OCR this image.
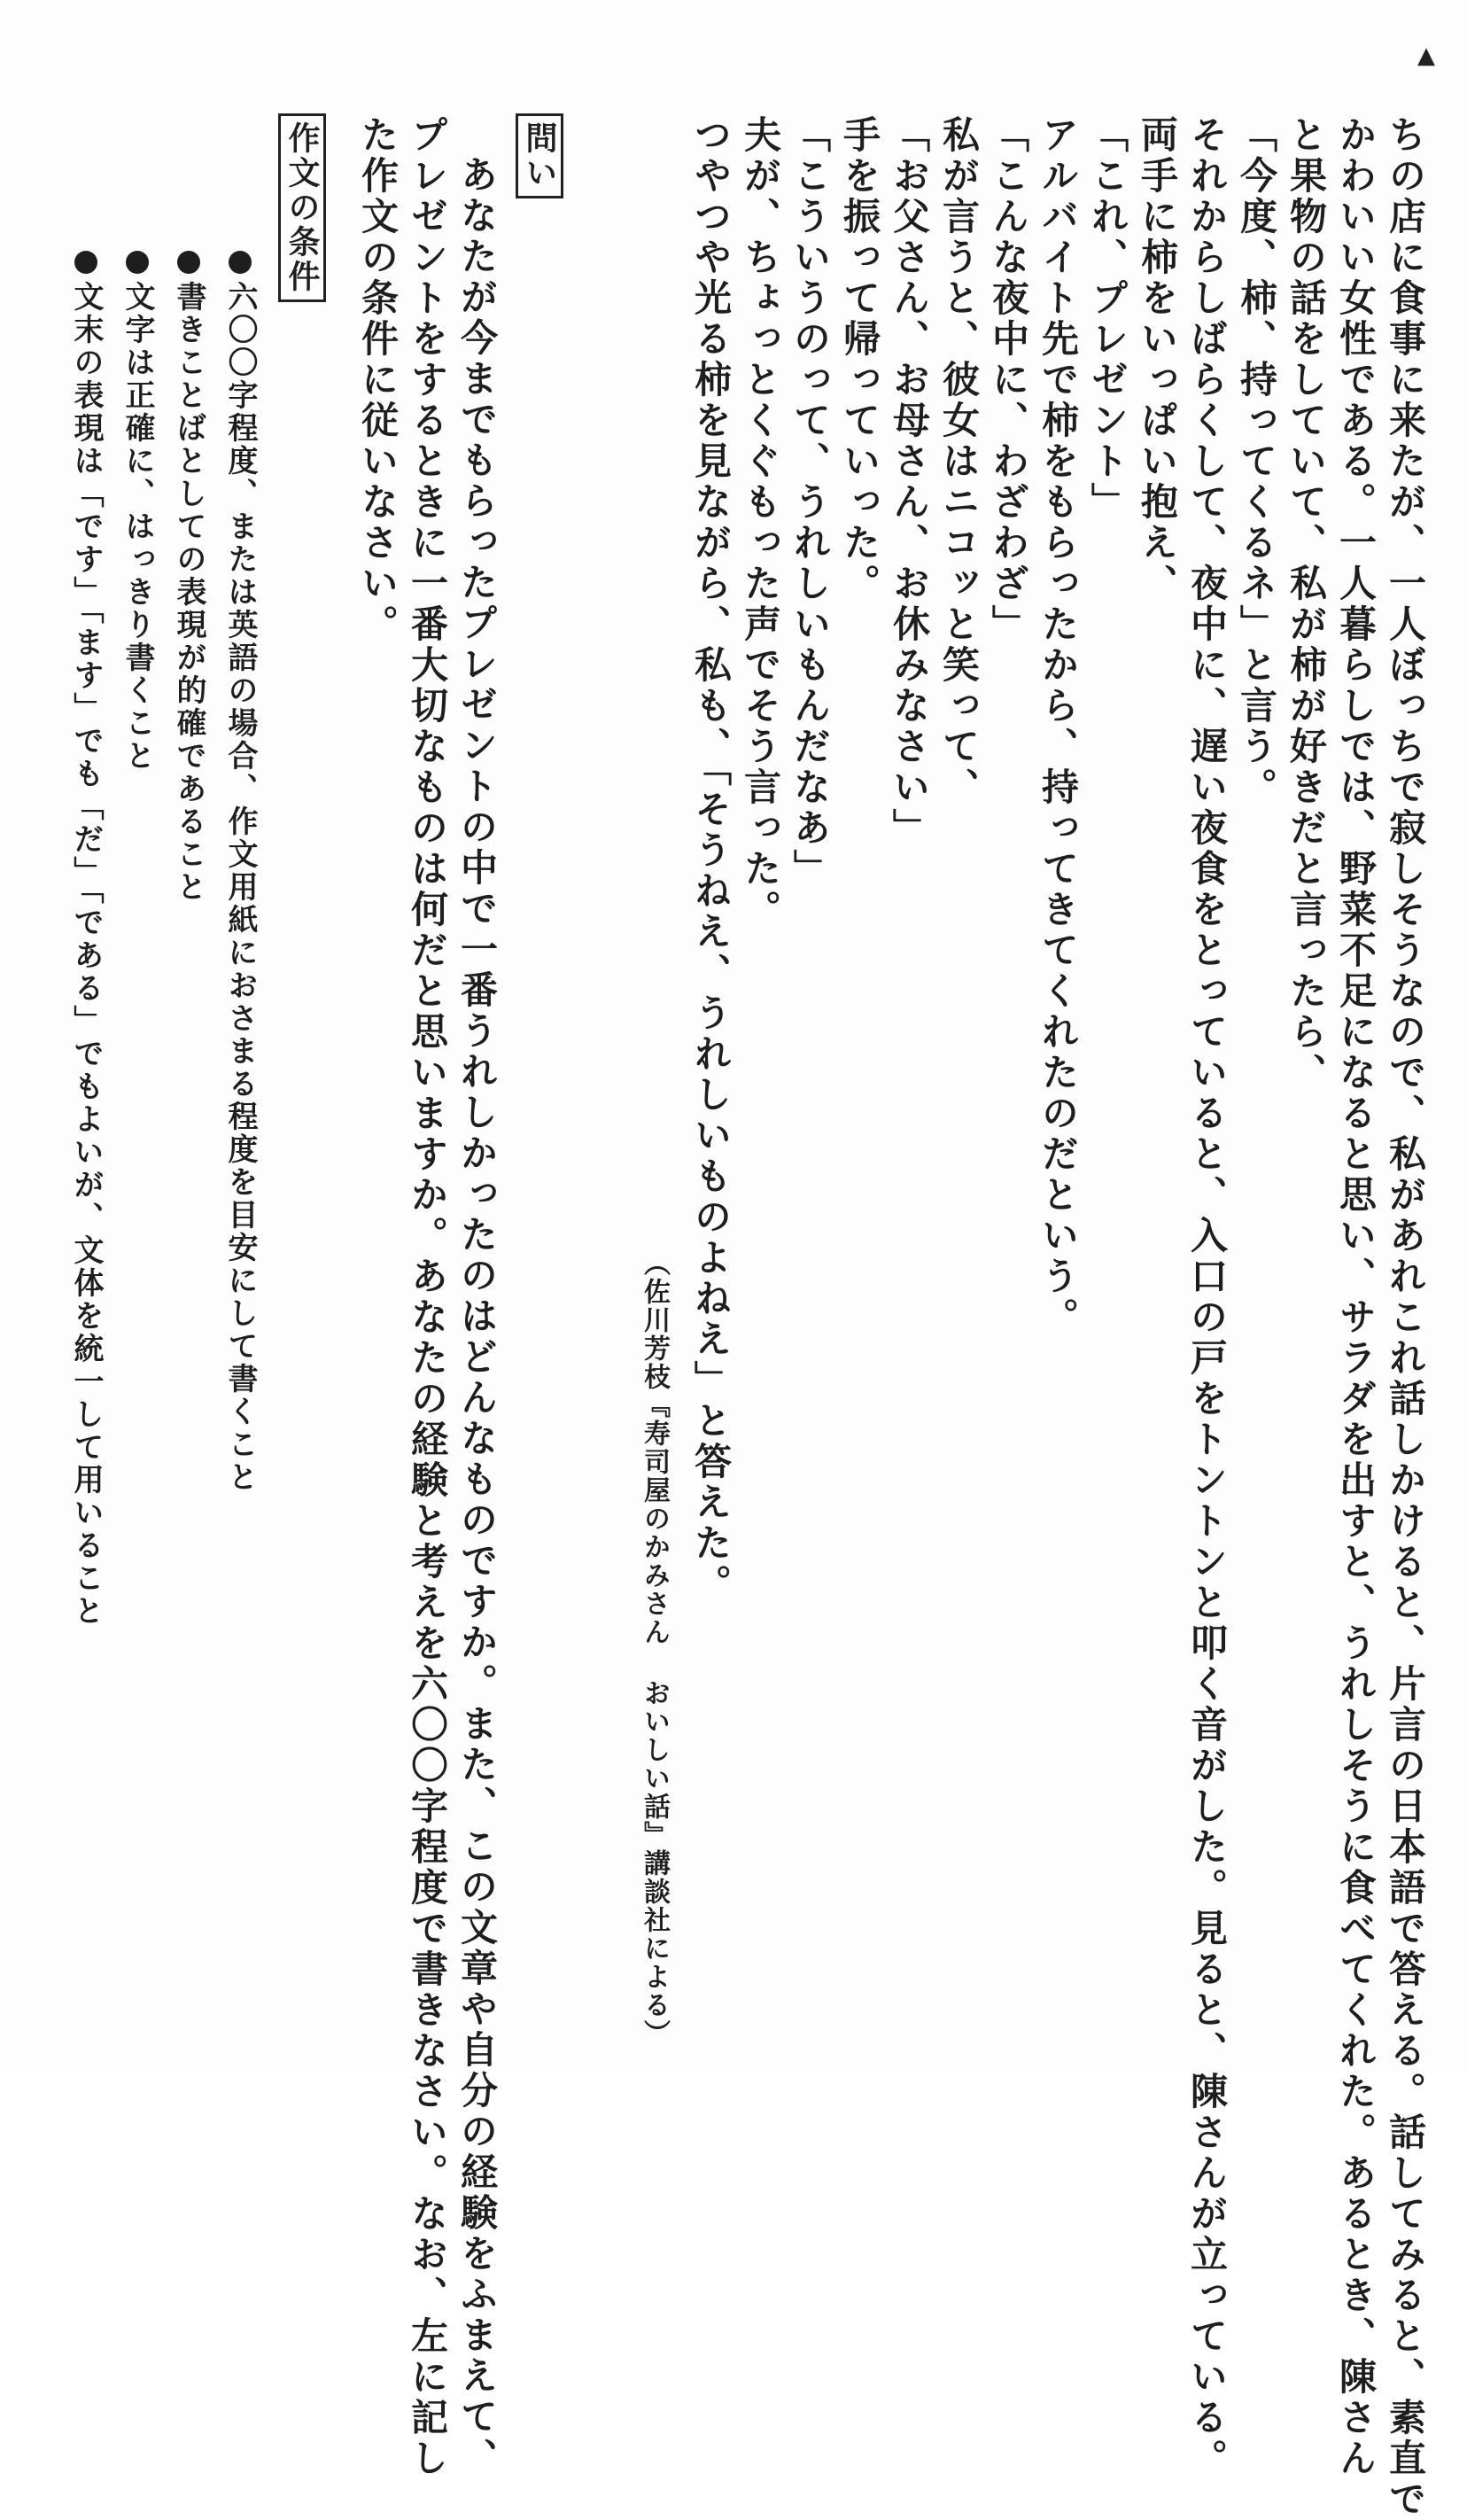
▲
ちの店に食事に来たが、一人ぼっちで寂しそうなので、私があれこれ話しかけると、片言の日本語で答える。話してみると、素直で
かわいい女性である。一人暮らしでは、野菜不足になると思い、サラダを出すと、うれしそうに食べてくれた。あるとき、陳さん
と果物の話をしていて、私が柿が好きだと言ったら、
「今度、柿、持ってくるネ」と言う。
それからしばらくして、夜中に、遅い夜食をとっていると、入口の戸をトントンと叩く音がした。見ると、陳さんが立っている。
両手に柿をいっぱい抱え、
「これ、プレゼント」
アルバイト先で柿をもらったから、持ってきてくれたのだという。
「こんな夜中に、わざわざ」
私が言うと、彼女はニコッと笑って、
「お父さん、お母さん、お休みなさい」
手を振って帰っていった。
「こういうのって、うれしいもんだなあ」
夫が、ちょっとくぐもった声でそう言った。
つやつや光る柿を見ながら、私も、「そうねえ、うれしいものよねえ」と答えた。
（佐川芳枝『寿司屋のかみさん おいしい話』講談社による）
問い
あなたが今までもらったプレゼントの中で一番うれしかったのはどんなものですか。また、この文章や自分の経験をふまえて、
プレゼントをするときに一番大切なものは何だと思いますか。あなたの経験と考えを六〇〇字程度で書きなさい。なお、左に記し
た作文の条件に従いなさい。
作文の条件
六〇〇字程度、または英語の場合、作文用紙におさまる程度を目安にして書くこと
書きことばとしての表現が的確であること
文字は正確に、はっきり書くこと
文末の表現は「です」「ます」でも「だ」「である」でもよいが、文体を統一して用いること
